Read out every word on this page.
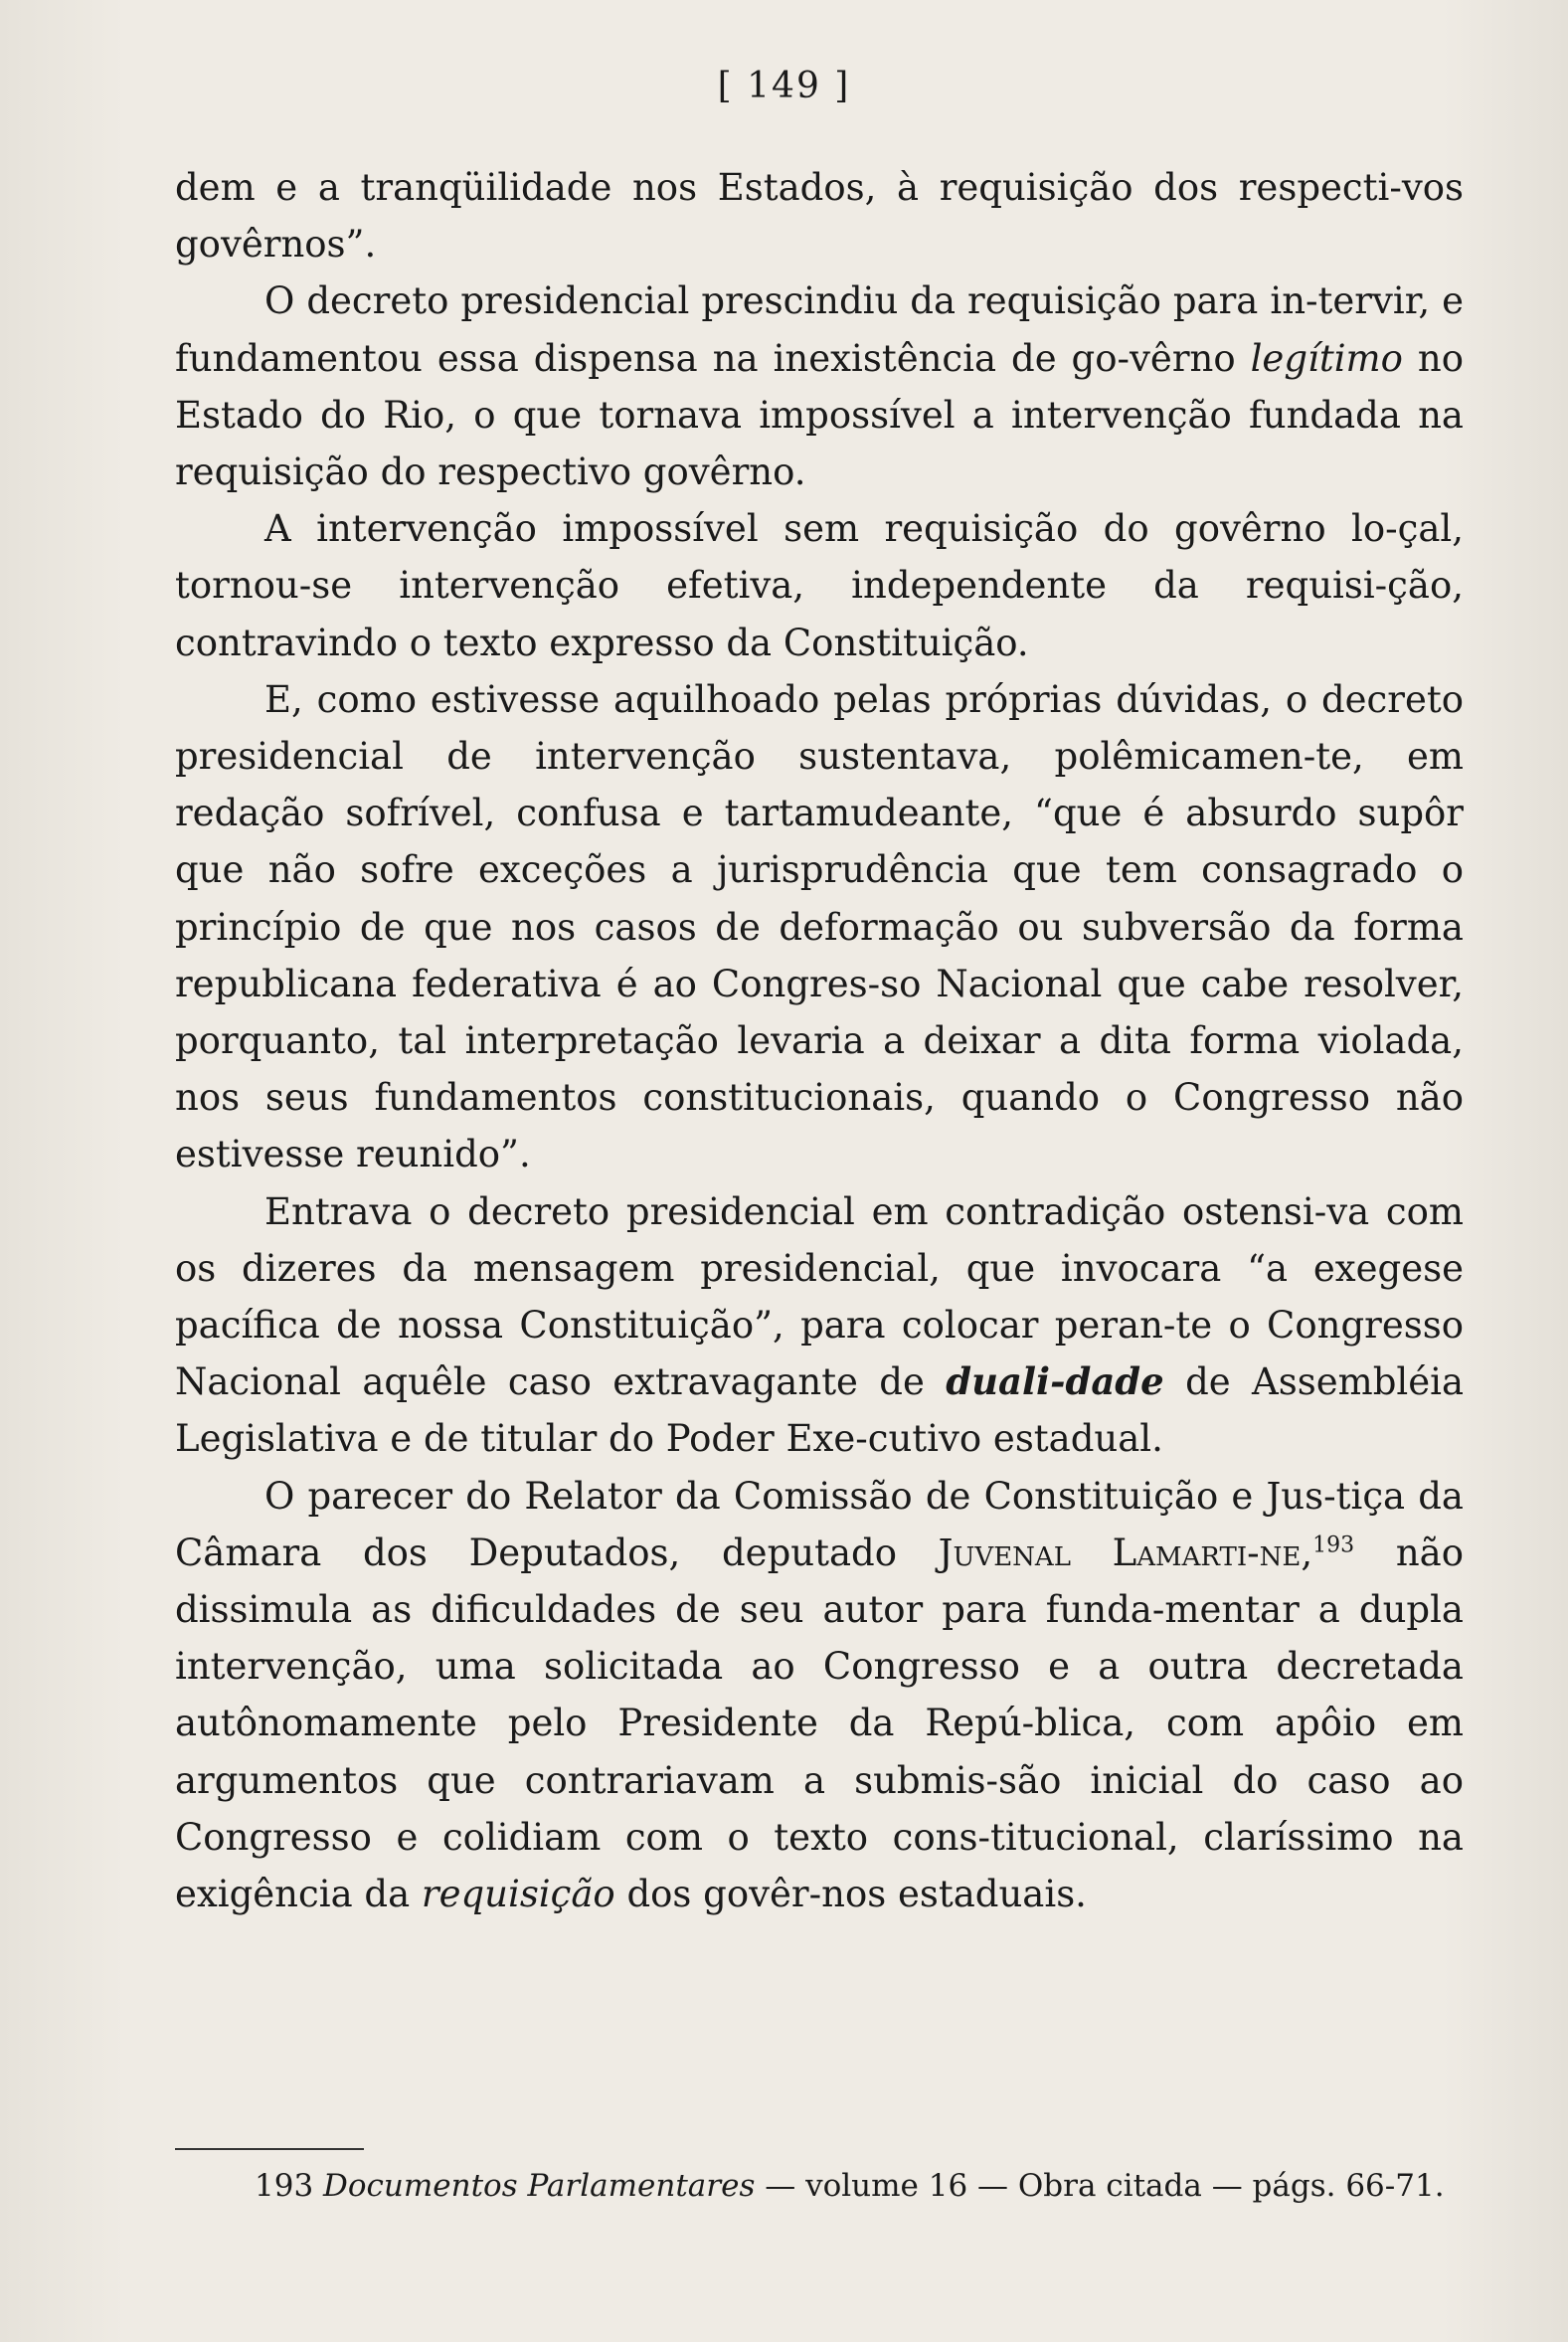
[ 149 ]

dem e a tranqüilidade nos Estados, à requisição dos respecti-vos govêrnos”.

O decreto presidencial prescindiu da requisição para in-tervir, e fundamentou essa dispensa na inexistência de go-vêrno legítimo no Estado do Rio, o que tornava impossível a intervenção fundada na requisição do respectivo govêrno.

A intervenção impossível sem requisição do govêrno lo-çal, tornou-se intervenção efetiva, independente da requisi-ção, contravindo o texto expresso da Constituição.

E, como estivesse aquilhoado pelas próprias dúvidas, o decreto presidencial de intervenção sustentava, polêmicamen-te, em redação sofrível, confusa e tartamudeante, “que é absurdo supôr que não sofre exceções a jurisprudência que tem consagrado o princípio de que nos casos de deformação ou subversão da forma republicana federativa é ao Congres-so Nacional que cabe resolver, porquanto, tal interpretação levaria a deixar a dita forma violada, nos seus fundamentos constitucionais, quando o Congresso não estivesse reunido”.

Entrava o decreto presidencial em contradição ostensi-va com os dizeres da mensagem presidencial, que invocara “a exegese pacífica de nossa Constituição”, para colocar peran-te o Congresso Nacional aquêle caso extravagante de duali-dade de Assembléia Legislativa e de titular do Poder Exe-cutivo estadual.

O parecer do Relator da Comissão de Constituição e Jus-tiça da Câmara dos Deputados, deputado Juvenal Lamarti-ne,$^{193}$ não dissimula as dificuldades de seu autor para funda-mentar a dupla intervenção, uma solicitada ao Congresso e a outra decretada autônomamente pelo Presidente da Repú-blica, com apôio em argumentos que contrariavam a submis-são inicial do caso ao Congresso e colidiam com o texto cons-titucional, claríssimo na exigência da requisição dos govêr-nos estaduais.

193 Documentos Parlamentares — volume 16 — Obra citada — págs. 66-71.
